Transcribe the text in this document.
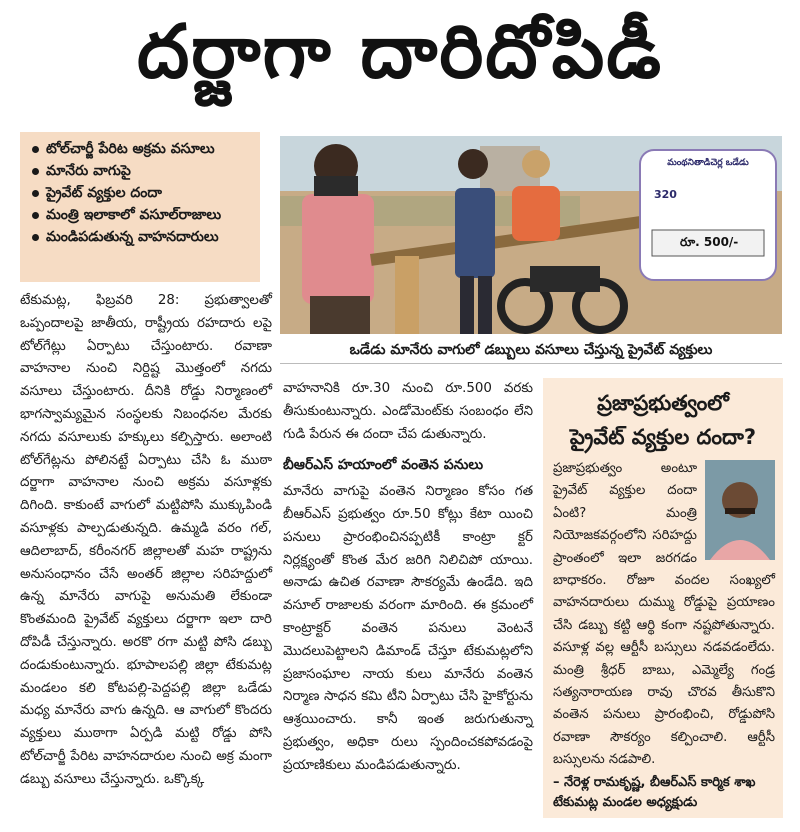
దర్జాగా దారిదోపిడీ
టోల్‌చార్జీ పేరిట అక్రమ వసూలు
మానేరు వాగుపై
ప్రైవేట్ వ్యక్తుల దందా
మంత్రి ఇలాకాలో వసూల్‌రాజాలు
మండిపడుతున్న వాహనదారులు
మంథనితాడిచెర్ల ఒడేడు
320
రూ. 500/-
ఒడేడు మానేరు వాగులో డబ్బులు వసూలు చేస్తున్న ప్రైవేట్ వ్యక్తులు
టేకుమట్ల, ఫిబ్రవరి 28: ప్రభుత్వాలతో ఒప్పందాలపై జాతీయ, రాష్ట్రీయ రహదారు లపై టోల్‌గేట్లు ఏర్పాటు చేస్తుంటారు. రవాణా వాహనాల నుంచి నిర్దిష్ట మొత్తంలో నగదు వసూలు చేస్తుంటారు. దీనికి రోడ్డు నిర్మాణంలో భాగస్వామ్యమైన సంస్థలకు నిబంధనల మేరకు నగదు వసూలుకు హక్కులు కల్పిస్తారు. అలాంటి టోల్‌గేట్లను పోలినట్టే ఏర్పాటు చేసి ఓ ముఠా దర్జాగా వాహనాల నుంచి అక్రమ వసూళ్లకు దిగింది. కాకుంటే వాగులో మట్టిపోసి ముక్కుపిండి వసూళ్లకు పాల్పడుతున్నది. ఉమ్మడి వరం గల్, ఆదిలాబాద్, కరీంనగర్ జిల్లాలతో మహ రాష్ట్రను అనుసంధానం చేసే అంతర్ జిల్లాల సరిహద్దులో ఉన్న మానేరు వాగుపై అనుమతి లేకుండా కొంతమంది ప్రైవేట్ వ్యక్తులు దర్జాగా ఇలా దారి దోపిడీ చేస్తున్నారు. అరకొ రగా మట్టి పోసి డబ్బు దండుకుంటున్నారు. భూపాలపల్లి జిల్లా టేకుమట్ల మండలం కలి కోటపల్లి-పెద్దపల్లి జిల్లా ఒడేడు మధ్య మానేరు వాగు ఉన్నది. ఆ వాగులో కొందరు వ్యక్తులు ముఠాగా ఏర్పడి మట్టి రోడ్డు పోసి టోల్‌చార్జీ పేరిట వాహనదారుల నుంచి అక్ర మంగా డబ్బు వసూలు చేస్తున్నారు. ఒక్కొక్క

వాహనానికి రూ.30 నుంచి రూ.500 వరకు తీసుకుంటున్నారు. ఎండోమెంట్‌కు సంబంధం లేని గుడి పేరున ఈ దందా చేప డుతున్నారు.

బీఆర్‌ఎస్ హయాంలో వంతెన పనులు

మానేరు వాగుపై వంతెన నిర్మాణం కోసం గత బీఆర్‌ఎస్ ప్రభుత్వం రూ.50 కోట్లు కేటా యించి పనులు ప్రారంభించినప్పటికీ కాంట్రా క్టర్ నిర్లక్ష్యంతో కొంత మేర జరిగి నిలిచిపో యాయి. అనాడు ఉచిత రవాణా సౌకర్యమే ఉండేది. ఇది వసూల్ రాజాలకు వరంగా మారింది. ఈ క్రమంలో కాంట్రాక్టర్ వంతెన పనులు వెంటనే మొదలుపెట్టాలని డిమాండ్ చేస్తూ టేకుమట్లలోని ప్రజాసంఘాల నాయ కులు మానేరు వంతెన నిర్మాణ సాధన కమి టీని ఏర్పాటు చేసి హైకోర్టును ఆశ్రయించారు. కానీ ఇంత జరుగుతున్నా ప్రభుత్వం, అధికా రులు స్పందించకపోవడంపై ప్రయాణికులు మండిపడుతున్నారు.

ప్రజాప్రభుత్వంలో
ప్రైవేట్ వ్యక్తుల దందా?

ప్రజాప్రభుత్వం అంటూ ప్రైవేట్ వ్యక్తుల దందా ఏంటి? మంత్రి నియోజకవర్గంలోని సరిహద్దు ప్రాంతంలో ఇలా జరగడం బాధాకరం. రోజూ వందల సంఖ్యలో వాహనదారులు దుమ్ము రోడ్డుపై ప్రయాణం చేసి డబ్బు కట్టి ఆర్థి కంగా నష్టపోతున్నారు. వసూళ్ల వల్ల ఆర్టీసీ బస్సులు నడవడంలేదు. మంత్రి శ్రీధర్ బాబు, ఎమ్మెల్యే గండ్ర సత్యనారాయణ రావు చొరవ తీసుకొని వంతెన పనులు ప్రారంభించి, రోడ్డుపోసి రవాణా సౌకర్యం కల్పించాలి. ఆర్టీసీ బస్సులను నడపాలి.

– నేరెళ్ల రామకృష్ణ, బీఆర్‌ఎస్ కార్మిక శాఖ టేకుమట్ల మండల అధ్యక్షుడు
